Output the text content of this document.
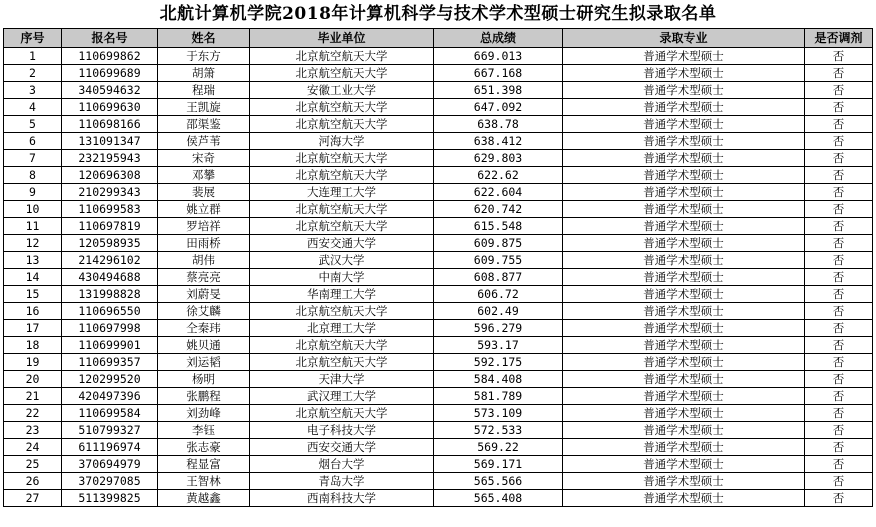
北航计算机学院2018年计算机科学与技术学术型硕士研究生拟录取名单
序号	报名号	姓名	毕业单位	总成绩	录取专业	是否调剂
1	110699862	于东方	北京航空航天大学	669.013	普通学术型硕士	否
2	110699689	胡箫	北京航空航天大学	667.168	普通学术型硕士	否
3	340594632	程瑞	安徽工业大学	651.398	普通学术型硕士	否
4	110699630	王凯旋	北京航空航天大学	647.092	普通学术型硕士	否
5	110698166	邵渠鉴	北京航空航天大学	638.78	普通学术型硕士	否
6	131091347	侯芦苇	河海大学	638.412	普通学术型硕士	否
7	232195943	宋奇	北京航空航天大学	629.803	普通学术型硕士	否
8	120696308	邓攀	北京航空航天大学	622.62	普通学术型硕士	否
9	210299343	裴展	大连理工大学	622.604	普通学术型硕士	否
10	110699583	姚立群	北京航空航天大学	620.742	普通学术型硕士	否
11	110697819	罗培祥	北京航空航天大学	615.548	普通学术型硕士	否
12	120598935	田雨桥	西安交通大学	609.875	普通学术型硕士	否
13	214296102	胡伟	武汉大学	609.755	普通学术型硕士	否
14	430494688	蔡亮亮	中南大学	608.877	普通学术型硕士	否
15	131998828	刘蔚旻	华南理工大学	606.72	普通学术型硕士	否
16	110696550	徐艾麟	北京航空航天大学	602.49	普通学术型硕士	否
17	110697998	仝秦玮	北京理工大学	596.279	普通学术型硕士	否
18	110699901	姚贝通	北京航空航天大学	593.17	普通学术型硕士	否
19	110699357	刘运韬	北京航空航天大学	592.175	普通学术型硕士	否
20	120299520	杨明	天津大学	584.408	普通学术型硕士	否
21	420497396	张鹏程	武汉理工大学	581.789	普通学术型硕士	否
22	110699584	刘劲峰	北京航空航天大学	573.109	普通学术型硕士	否
23	510799327	李钰	电子科技大学	572.533	普通学术型硕士	否
24	611196974	张志豪	西安交通大学	569.22	普通学术型硕士	否
25	370694979	程显富	烟台大学	569.171	普通学术型硕士	否
26	370297085	王智林	青岛大学	565.566	普通学术型硕士	否
27	511399825	黄越鑫	西南科技大学	565.408	普通学术型硕士	否
